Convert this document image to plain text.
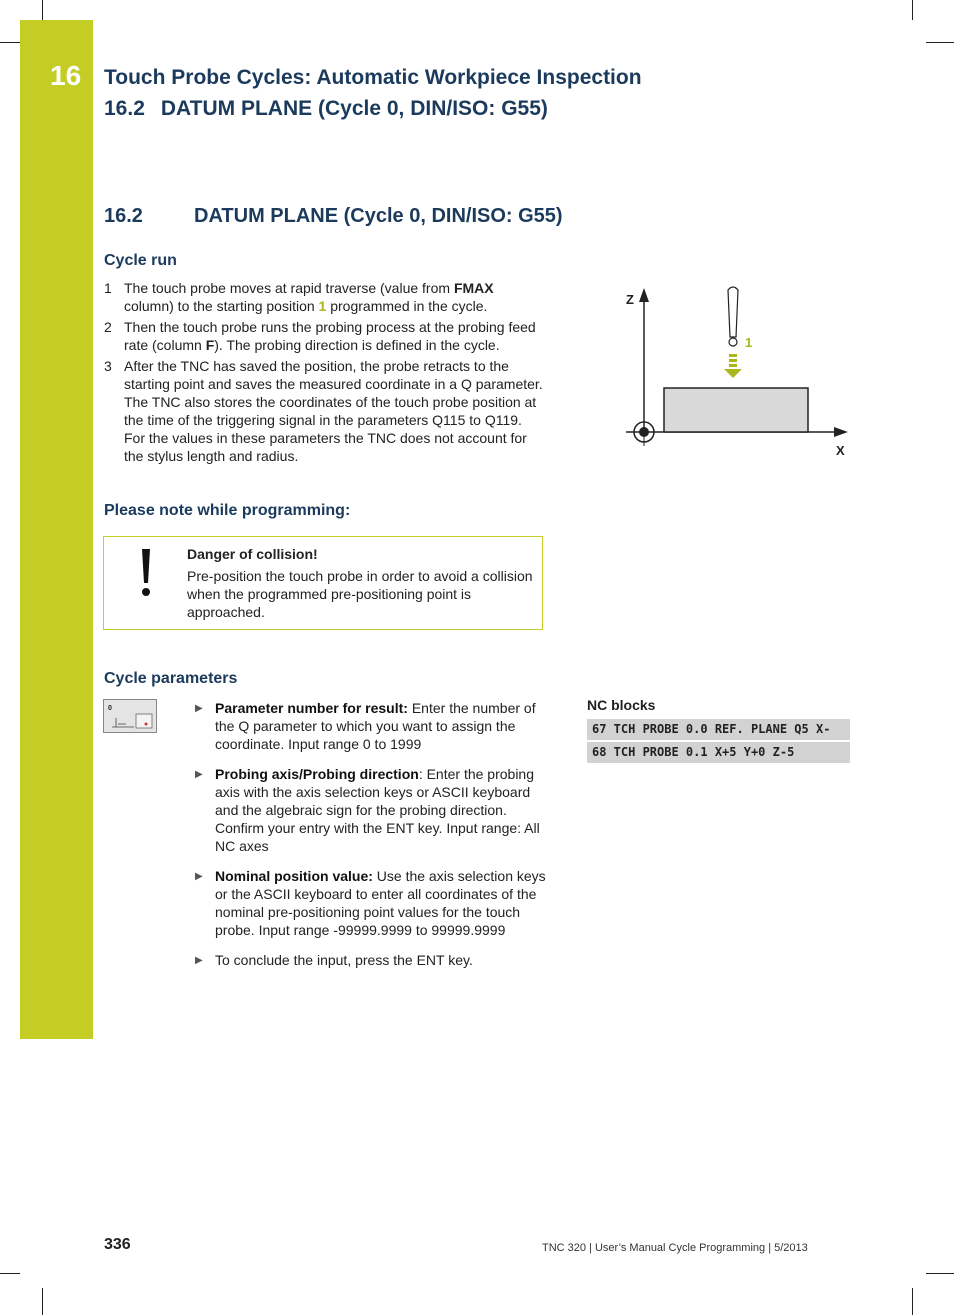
16 Touch Probe Cycles: Automatic Workpiece Inspection
16.2 DATUM PLANE (Cycle 0, DIN/ISO: G55)
16.2	DATUM PLANE (Cycle 0, DIN/ISO: G55)
Cycle run
1 The touch probe moves at rapid traverse (value from FMAX column) to the starting position 1 programmed in the cycle.
2 Then the touch probe runs the probing process at the probing feed rate (column F). The probing direction is defined in the cycle.
3 After the TNC has saved the position, the probe retracts to the starting point and saves the measured coordinate in a Q parameter. The TNC also stores the coordinates of the touch probe position at the time of the triggering signal in the parameters Q115 to Q119. For the values in these parameters the TNC does not account for the stylus length and radius.
Z
X
1
Please note while programming:
Danger of collision!
Pre-position the touch probe in order to avoid a collision when the programmed pre-positioning point is approached.
Cycle parameters
0	▶ Parameter number for result: Enter the number of the Q parameter to which you want to assign the coordinate. Input range 0 to 1999
▶ Probing axis/Probing direction: Enter the probing axis with the axis selection keys or ASCII keyboard and the algebraic sign for the probing direction. Confirm your entry with the ENT key. Input range: All NC axes
▶ Nominal position value: Use the axis selection keys or the ASCII keyboard to enter all coordinates of the nominal pre-positioning point values for the touch probe. Input range -99999.9999 to 99999.9999
▶ To conclude the input, press the ENT key.
NC blocks
67 TCH PROBE 0.0 REF. PLANE Q5 X-
68 TCH PROBE 0.1 X+5 Y+0 Z-5
336	TNC 320 | User’s Manual Cycle Programming | 5/2013
